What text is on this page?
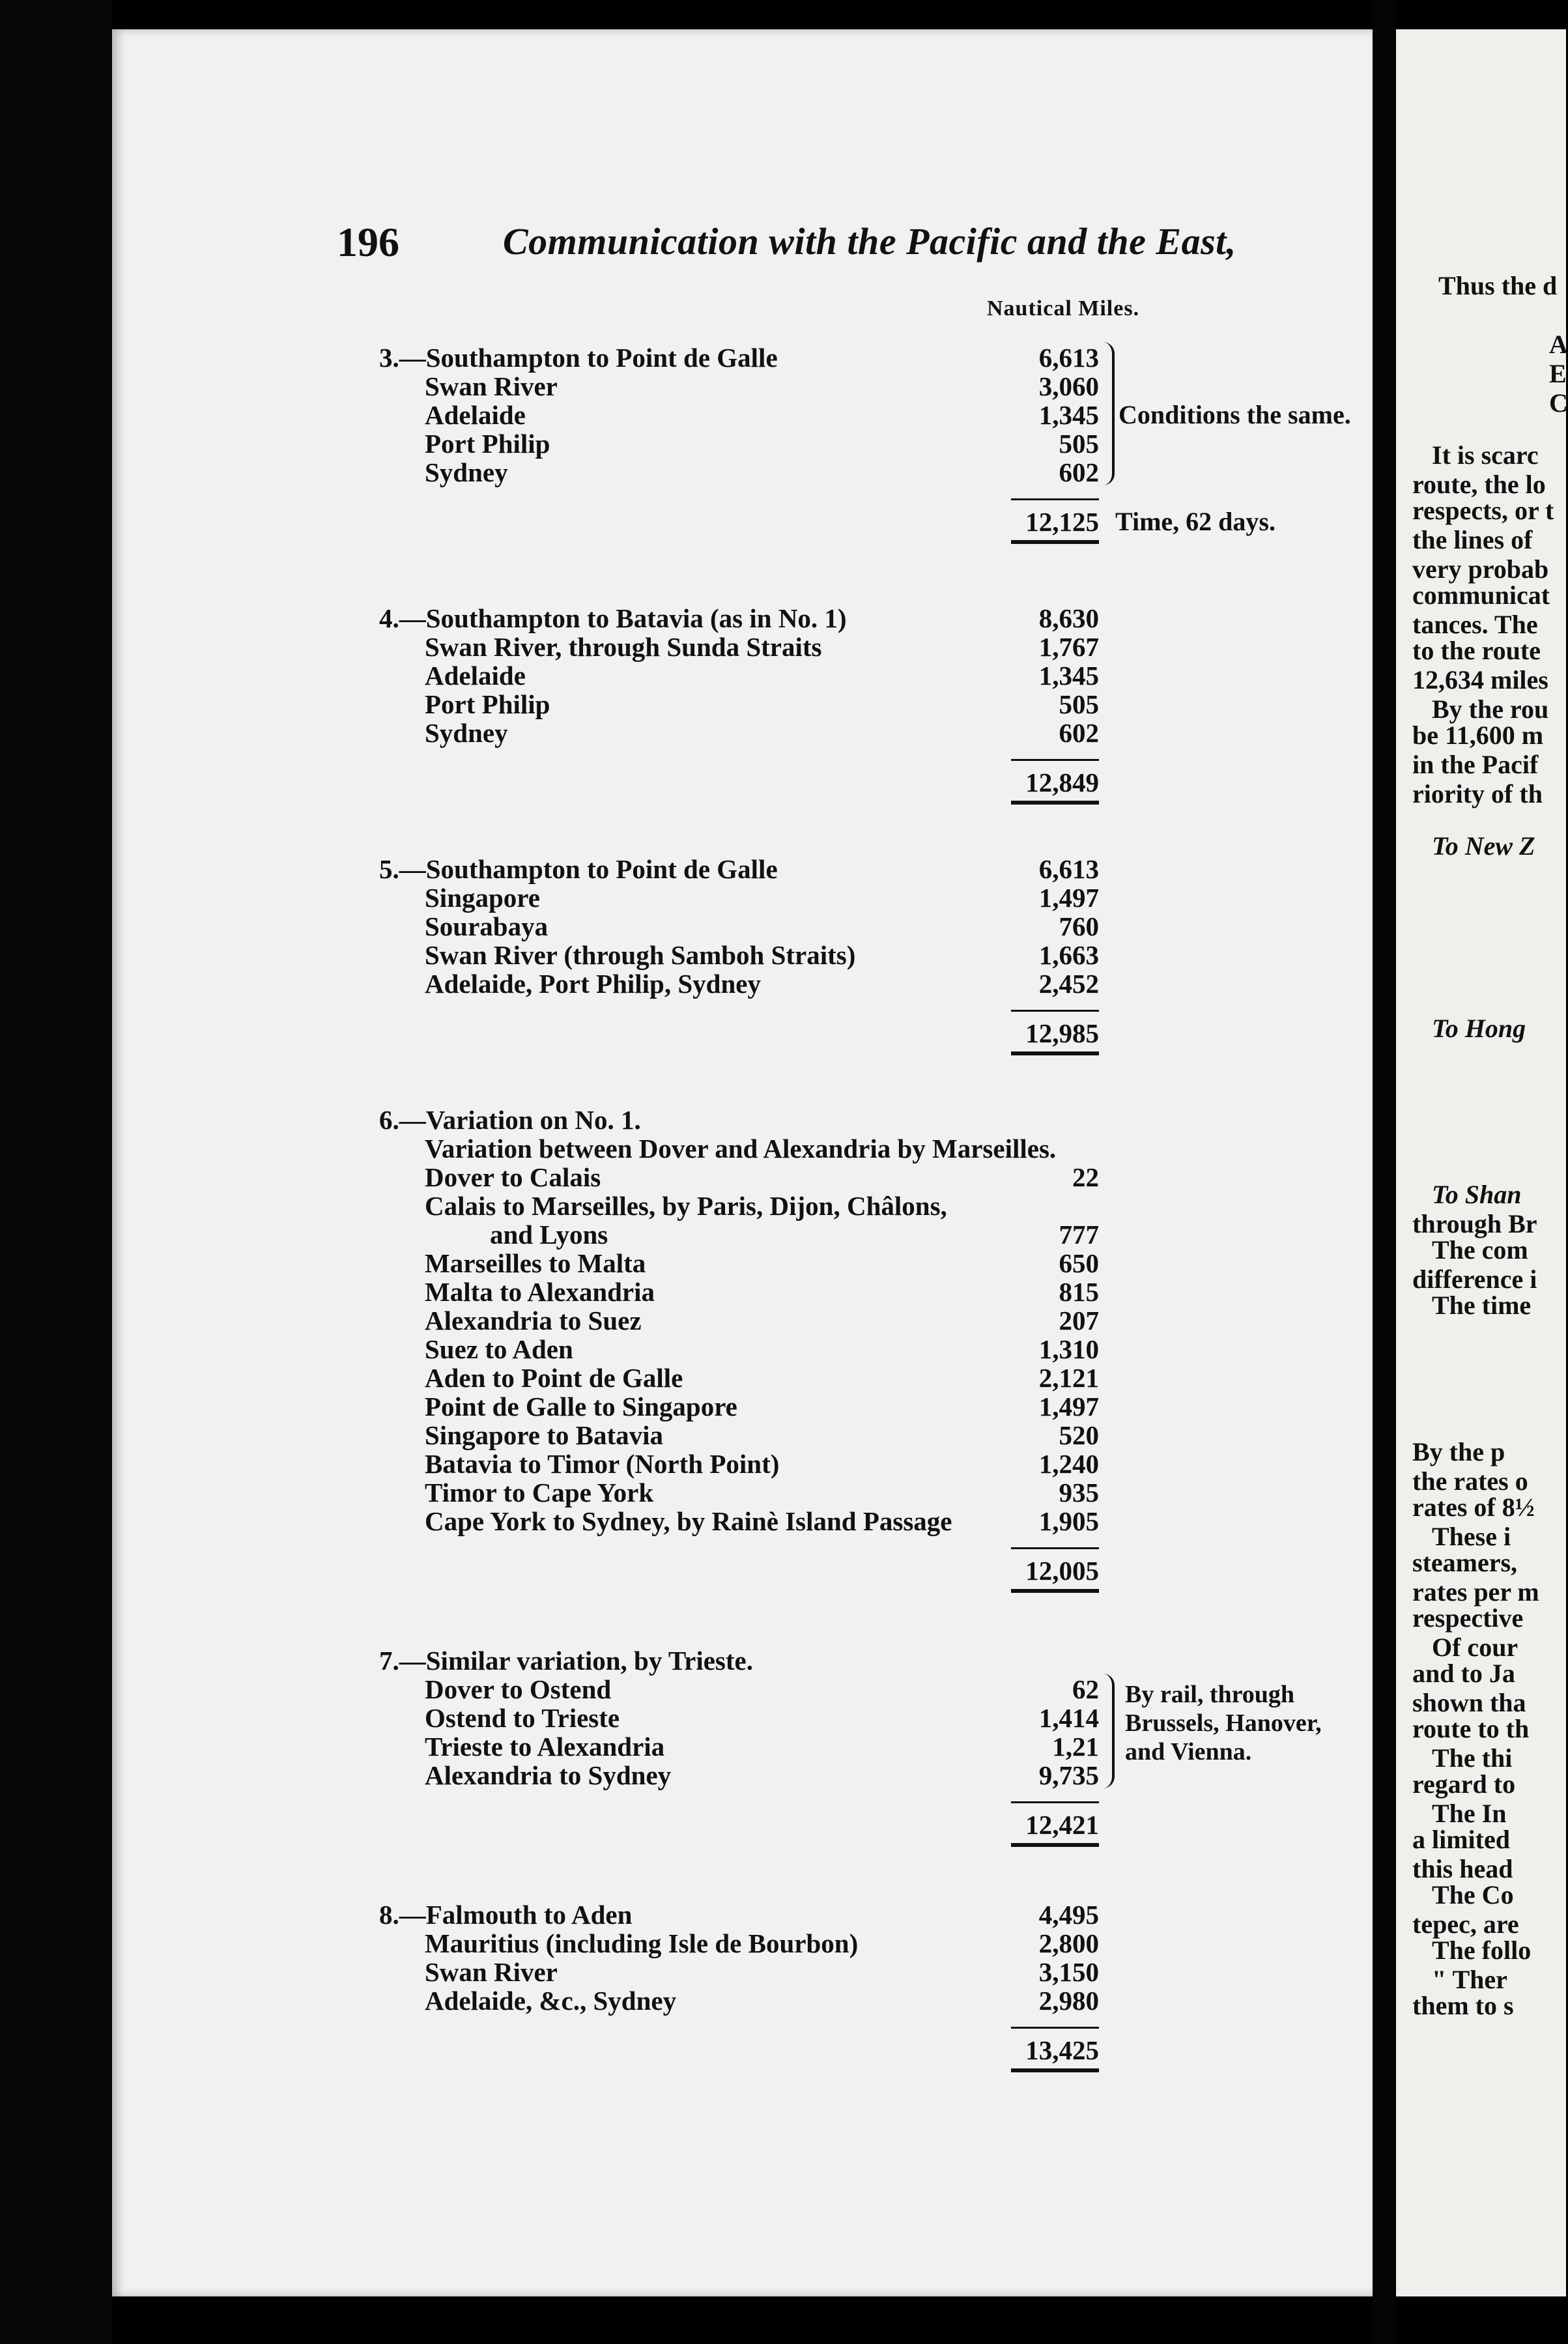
196	Communication with the Pacific and the East,
Nautical Miles.
3.—Southampton to Point de Galle	6,613
Swan River	3,060
Adelaide	1,345
Port Philip	505
Sydney	602
12,125 Time, 62 days.
Conditions the same.
4.—Southampton to Batavia (as in No. 1)	8,630
Swan River, through Sunda Straits	1,767
Adelaide	1,345
Port Philip	505
Sydney	602
12,849
5.—Southampton to Point de Galle	6,613
Singapore	1,497
Sourabaya	760
Swan River (through Samboh Straits)	1,663
Adelaide, Port Philip, Sydney	2,452
12,985
6.—Variation on No. 1.
Variation between Dover and Alexandria by Marseilles.
Dover to Calais	22
Calais to Marseilles, by Paris, Dijon, Châlons,
and Lyons	777
Marseilles to Malta	650
Malta to Alexandria	815
Alexandria to Suez	207
Suez to Aden	1,310
Aden to Point de Galle	2,121
Point de Galle to Singapore	1,497
Singapore to Batavia	520
Batavia to Timor (North Point)	1,240
Timor to Cape York	935
Cape York to Sydney, by Rainè Island Passage	1,905
12,005
7.—Similar variation, by Trieste.
Dover to Ostend	62
Ostend to Trieste	1,414
Trieste to Alexandria	1,21
Alexandria to Sydney	9,735
12,421
By rail, through
Brussels, Hanover,
and Vienna.
8.—Falmouth to Aden	4,495
Mauritius (including Isle de Bourbon)	2,800
Swan River	3,150
Adelaide, &c., Sydney	2,980
13,425
Thus the d
A
E
C
It is scarc
route, the lo
respects, or t
the lines of
very probab
communicat
tances. The
to the route
12,634 miles
By the rou
be 11,600 m
in the Pacif
riority of th
To New Z
To Hong
To Shan
through Br
The com
difference i
The time
By the p
the rates o
rates of 8½
These i
steamers,
rates per m
respective
Of cour
and to Ja
shown tha
route to th
The thi
regard to
The In
a limited
this head
The Co
tepec, are
The follo
" Ther
them to s
